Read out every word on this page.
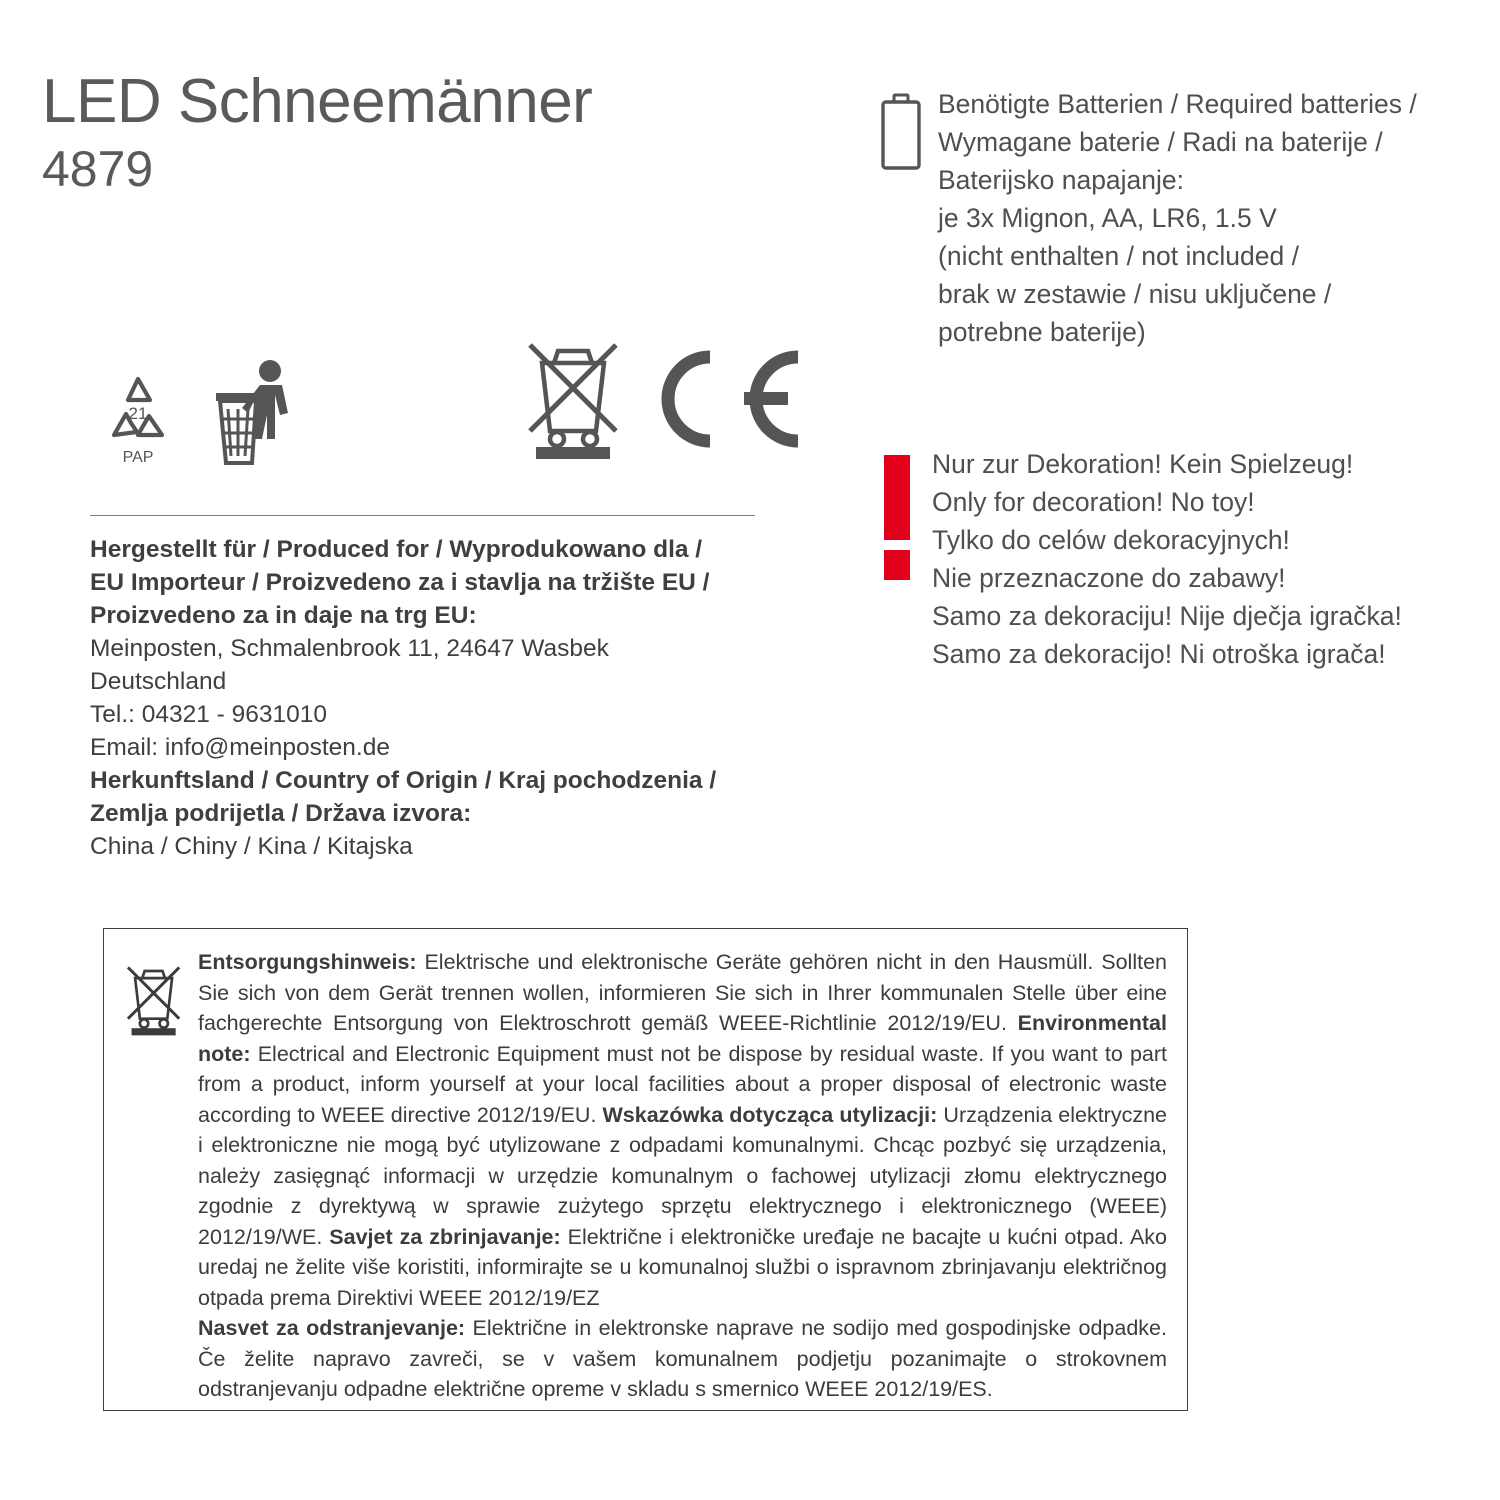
LED Schneemänner
4879
Benötigte Batterien / Required batteries /
Wymagane baterie / Radi na baterije /
Baterijsko napajanje:
je 3x Mignon, AA, LR6, 1.5 V
(nicht enthalten / not included /
brak w zestawie / nisu uključene /
potrebne baterije)
Nur zur Dekoration! Kein Spielzeug!
Only for decoration! No toy!
Tylko do celów dekoracyjnych!
Nie przeznaczone do zabawy!
Samo za dekoraciju! Nije dječja igračka!
Samo za dekoracijo! Ni otroška igrača!
21
PAP
Hergestellt für / Produced for / Wyprodukowano dla /
EU Importeur / Proizvedeno za i stavlja na tržište EU /
Proizvedeno za in daje na trg EU:
Meinposten, Schmalenbrook 11, 24647 Wasbek
Deutschland
Tel.: 04321 - 9631010
Email: info@meinposten.de
Herkunftsland / Country of Origin / Kraj pochodzenia /
Zemlja podrijetla / Država izvora:
China / Chiny / Kina / Kitajska
Entsorgungshinweis: Elektrische und elektronische Geräte gehören nicht in den Hausmüll. Sollten Sie sich von dem Gerät trennen wollen, informieren Sie sich in Ihrer kommunalen Stelle über eine fachgerechte Entsorgung von Elektroschrott gemäß WEEE-Richtlinie 2012/19/EU. Environmental note: Electrical and Electronic Equipment must not be dispose by residual waste. If you want to part from a product, inform yourself at your local facilities about a proper disposal of electronic waste according to WEEE directive 2012/19/EU. Wskazówka dotycząca utylizacji: Urządzenia elektryczne i elektroniczne nie mogą być utylizowane z odpadami komunalnymi. Chcąc pozbyć się urządzenia, należy zasięgnąć informacji w urzędzie komunalnym o fachowej utylizacji złomu elektrycznego zgodnie z dyrektywą w sprawie zużytego sprzętu elektrycznego i elektronicznego (WEEE) 2012/19/WE. Savjet za zbrinjavanje: Električne i elektroničke uređaje ne bacajte u kućni otpad. Ako uredaj ne želite više koristiti, informirajte se u komunalnoj službi o ispravnom zbrinjavanju električnog otpada prema Direktivi WEEE 2012/19/EZ
Nasvet za odstranjevanje: Električne in elektronske naprave ne sodijo med gospodinjske odpadke. Če želite napravo zavreči, se v vašem komunalnem podjetju pozanimajte o strokovnem odstranjevanju odpadne električne opreme v skladu s smernico WEEE 2012/19/ES.
